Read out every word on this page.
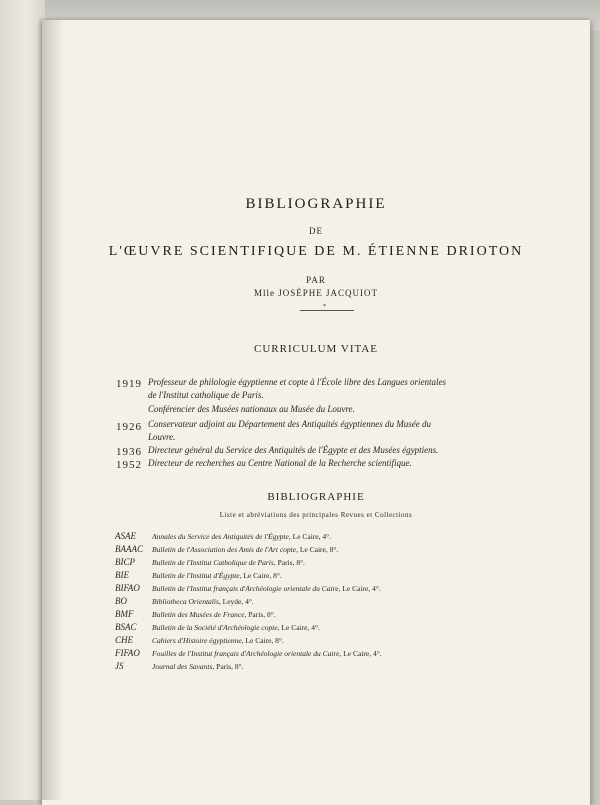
BIBLIOGRAPHIE
DE
L'ŒUVRE SCIENTIFIQUE DE M. ÉTIENNE DRIOTON
PAR
Mlle JOSÈPHE JACQUIOT
*
CURRICULUM VITAE
1919 Professeur de philologie égyptienne et copte à l'École libre des Langues orientales
de l'Institut catholique de Paris.
Conférencier des Musées nationaux au Musée du Louvre.
1926 Conservateur adjoint au Département des Antiquités égyptiennes du Musée du
Louvre.
1936 Directeur général du Service des Antiquités de l'Égypte et des Musées égyptiens.
1952 Directeur de recherches au Centre National de la Recherche scientifique.
BIBLIOGRAPHIE
Liste et abréviations des principales Revues et Collections
ASAE Annales du Service des Antiquités de l'Égypte, Le Caire, 4°.
BAAAC Bulletin de l'Association des Amis de l'Art copte, Le Caire, 8°.
BICP Bulletin de l'Institut Catholique de Paris, Paris, 8°.
BIE	Bulletin de l'Institut d'Égypte, Le Caire, 8°.
BIFAO Bulletin de l'Institut français d'Archéologie orientale du Caire, Le Caire, 4°.
BO	Bibliotheca Orientalis, Leyde, 4°.
BMF Bulletin des Musées de France, Paris, 8°.
BSAC Bulletin de la Société d'Archéologie copte, Le Caire, 4°.
CHE	Cahiers d'Histoire égyptienne, Le Caire, 8°.
FIFAO Fouilles de l'Institut français d'Archéologie orientale du Caire, Le Caire, 4°.
JS	Journal des Savants, Paris, 8°.
